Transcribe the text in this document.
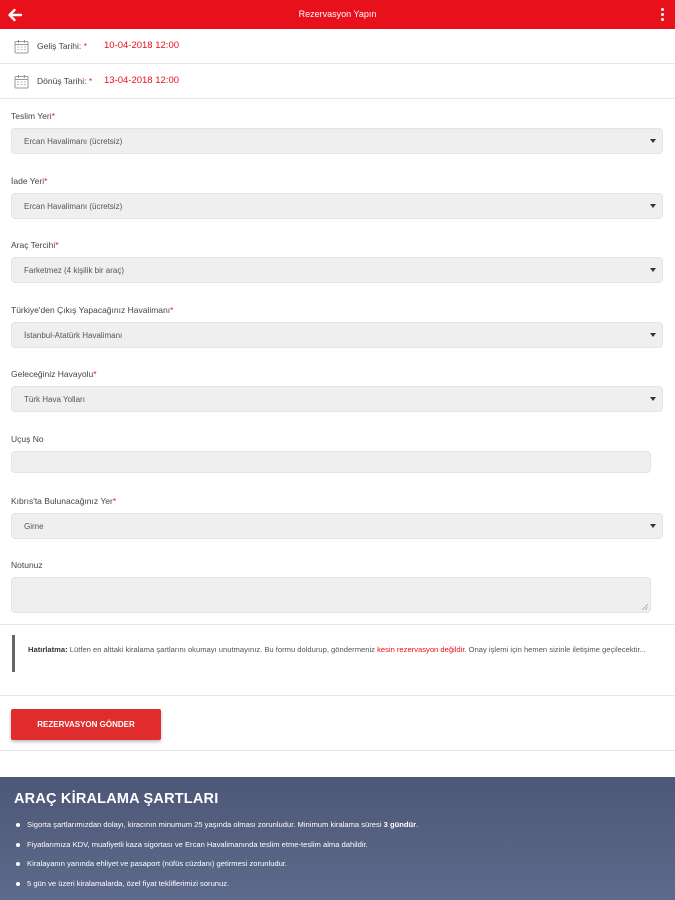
Rezervasyon Yapın
Geliş Tarihi: * 10-04-2018 12:00
Dönüş Tarihi: * 13-04-2018 12:00
Teslim Yeri*
Ercan Havalimanı (ücretsiz)
İade Yeri*
Ercan Havalimanı (ücretsiz)
Araç Tercihi*
Farketmez (4 kişilik bir araç)
Türkiye'den Çıkış Yapacağınız Havalimanı*
İstanbul-Atatürk Havalimanı
Geleceğiniz Havayolu*
Türk Hava Yolları
Uçuş No
Kıbrıs'ta Bulunacağınız Yer*
Girne
Notunuz
Hatırlatma: Lütfen en alttaki kiralama şartlarını okumayı unutmayınız. Bu formu doldurup, göndermeniz kesin rezervasyon değildir. Onay işlemi için hemen sizinle iletişime geçilecektir...
REZERVASYON GÖNDER
ARAÇ KİRALAMA ŞARTLARI
Sigorta şartlarımızdan dolayı, kiracının minumum 25 yaşında olması zorunludur. Minimum kiralama süresi 3 gündür.
Fiyatlarımıza KDV, muafiyetli kaza sigortası ve Ercan Havalimanında teslim etme-teslim alma dahildir.
Kiralayanın yanında ehliyet ve pasaport (nüfüs cüzdanı) getirmesi zorunludur.
5 gün ve üzeri kiralamalarda, özel fiyat tekliflerimizi sorunuz.
